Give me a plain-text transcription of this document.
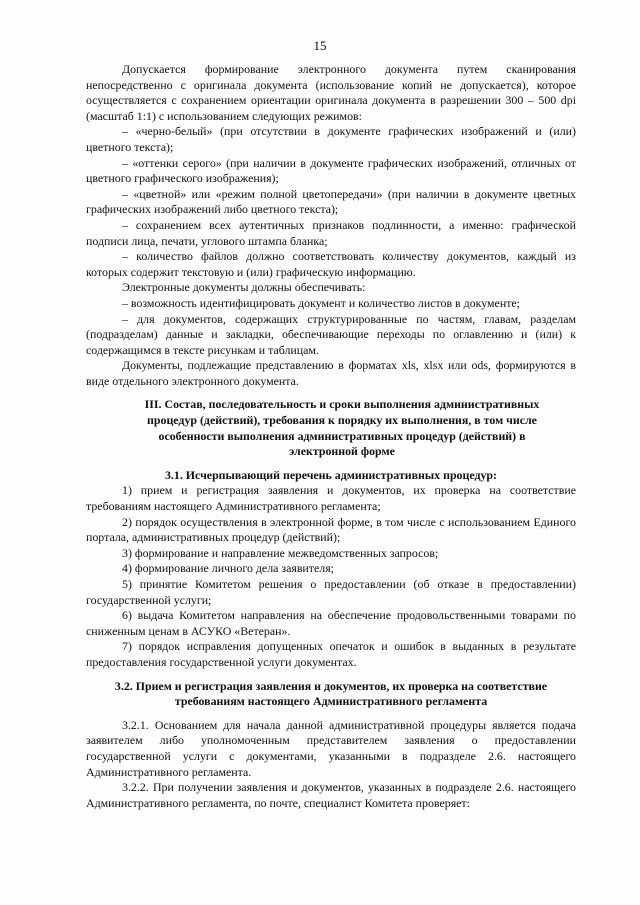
15

Допускается формирование электронного документа путем сканирования непосредственно с оригинала документа (использование копий не допускается), которое осуществляется с сохранением ориентации оригинала документа в разрешении 300 – 500 dpi (масштаб 1:1) с использованием следующих режимов:

– «черно-белый» (при отсутствии в документе графических изображений и (или) цветного текста);

– «оттенки серого» (при наличии в документе графических изображений, отличных от цветного графического изображения);

– «цветной» или «режим полной цветопередачи» (при наличии в документе цветных графических изображений либо цветного текста);

– сохранением всех аутентичных признаков подлинности, а именно: графической подписи лица, печати, углового штампа бланка;

– количество файлов должно соответствовать количеству документов, каждый из которых содержит текстовую и (или) графическую информацию.

Электронные документы должны обеспечивать:

– возможность идентифицировать документ и количество листов в документе;

– для документов, содержащих структурированные по частям, главам, разделам (подразделам) данные и закладки, обеспечивающие переходы по оглавлению и (или) к содержащимся в тексте рисункам и таблицам.

Документы, подлежащие представлению в форматах xls, xlsx или ods, формируются в виде отдельного электронного документа.

III. Состав, последовательность и сроки выполнения административных процедур (действий), требования к порядку их выполнения, в том числе особенности выполнения административных процедур (действий) в электронной форме

3.1. Исчерпывающий перечень административных процедур:

1) прием и регистрация заявления и документов, их проверка на соответствие требованиям настоящего Административного регламента;

2) порядок осуществления в электронной форме, в том числе с использованием Единого портала, административных процедур (действий);

3) формирование и направление межведомственных запросов;

4) формирование личного дела заявителя;

5) принятие Комитетом решения о предоставлении (об отказе в предоставлении) государственной услуги;

6) выдача Комитетом направления на обеспечение продовольственными товарами по сниженным ценам в АСУКО «Ветеран».

7) порядок исправления допущенных опечаток и ошибок в выданных в результате предоставления государственной услуги документах.

3.2. Прием и регистрация заявления и документов, их проверка на соответствие требованиям настоящего Административного регламента

3.2.1. Основанием для начала данной административной процедуры является подача заявителем либо уполномоченным представителем заявления о предоставлении государственной услуги с документами, указанными в подразделе 2.6. настоящего Административного регламента.

3.2.2. При получении заявления и документов, указанных в подразделе 2.6. настоящего Административного регламента, по почте, специалист Комитета проверяет:
